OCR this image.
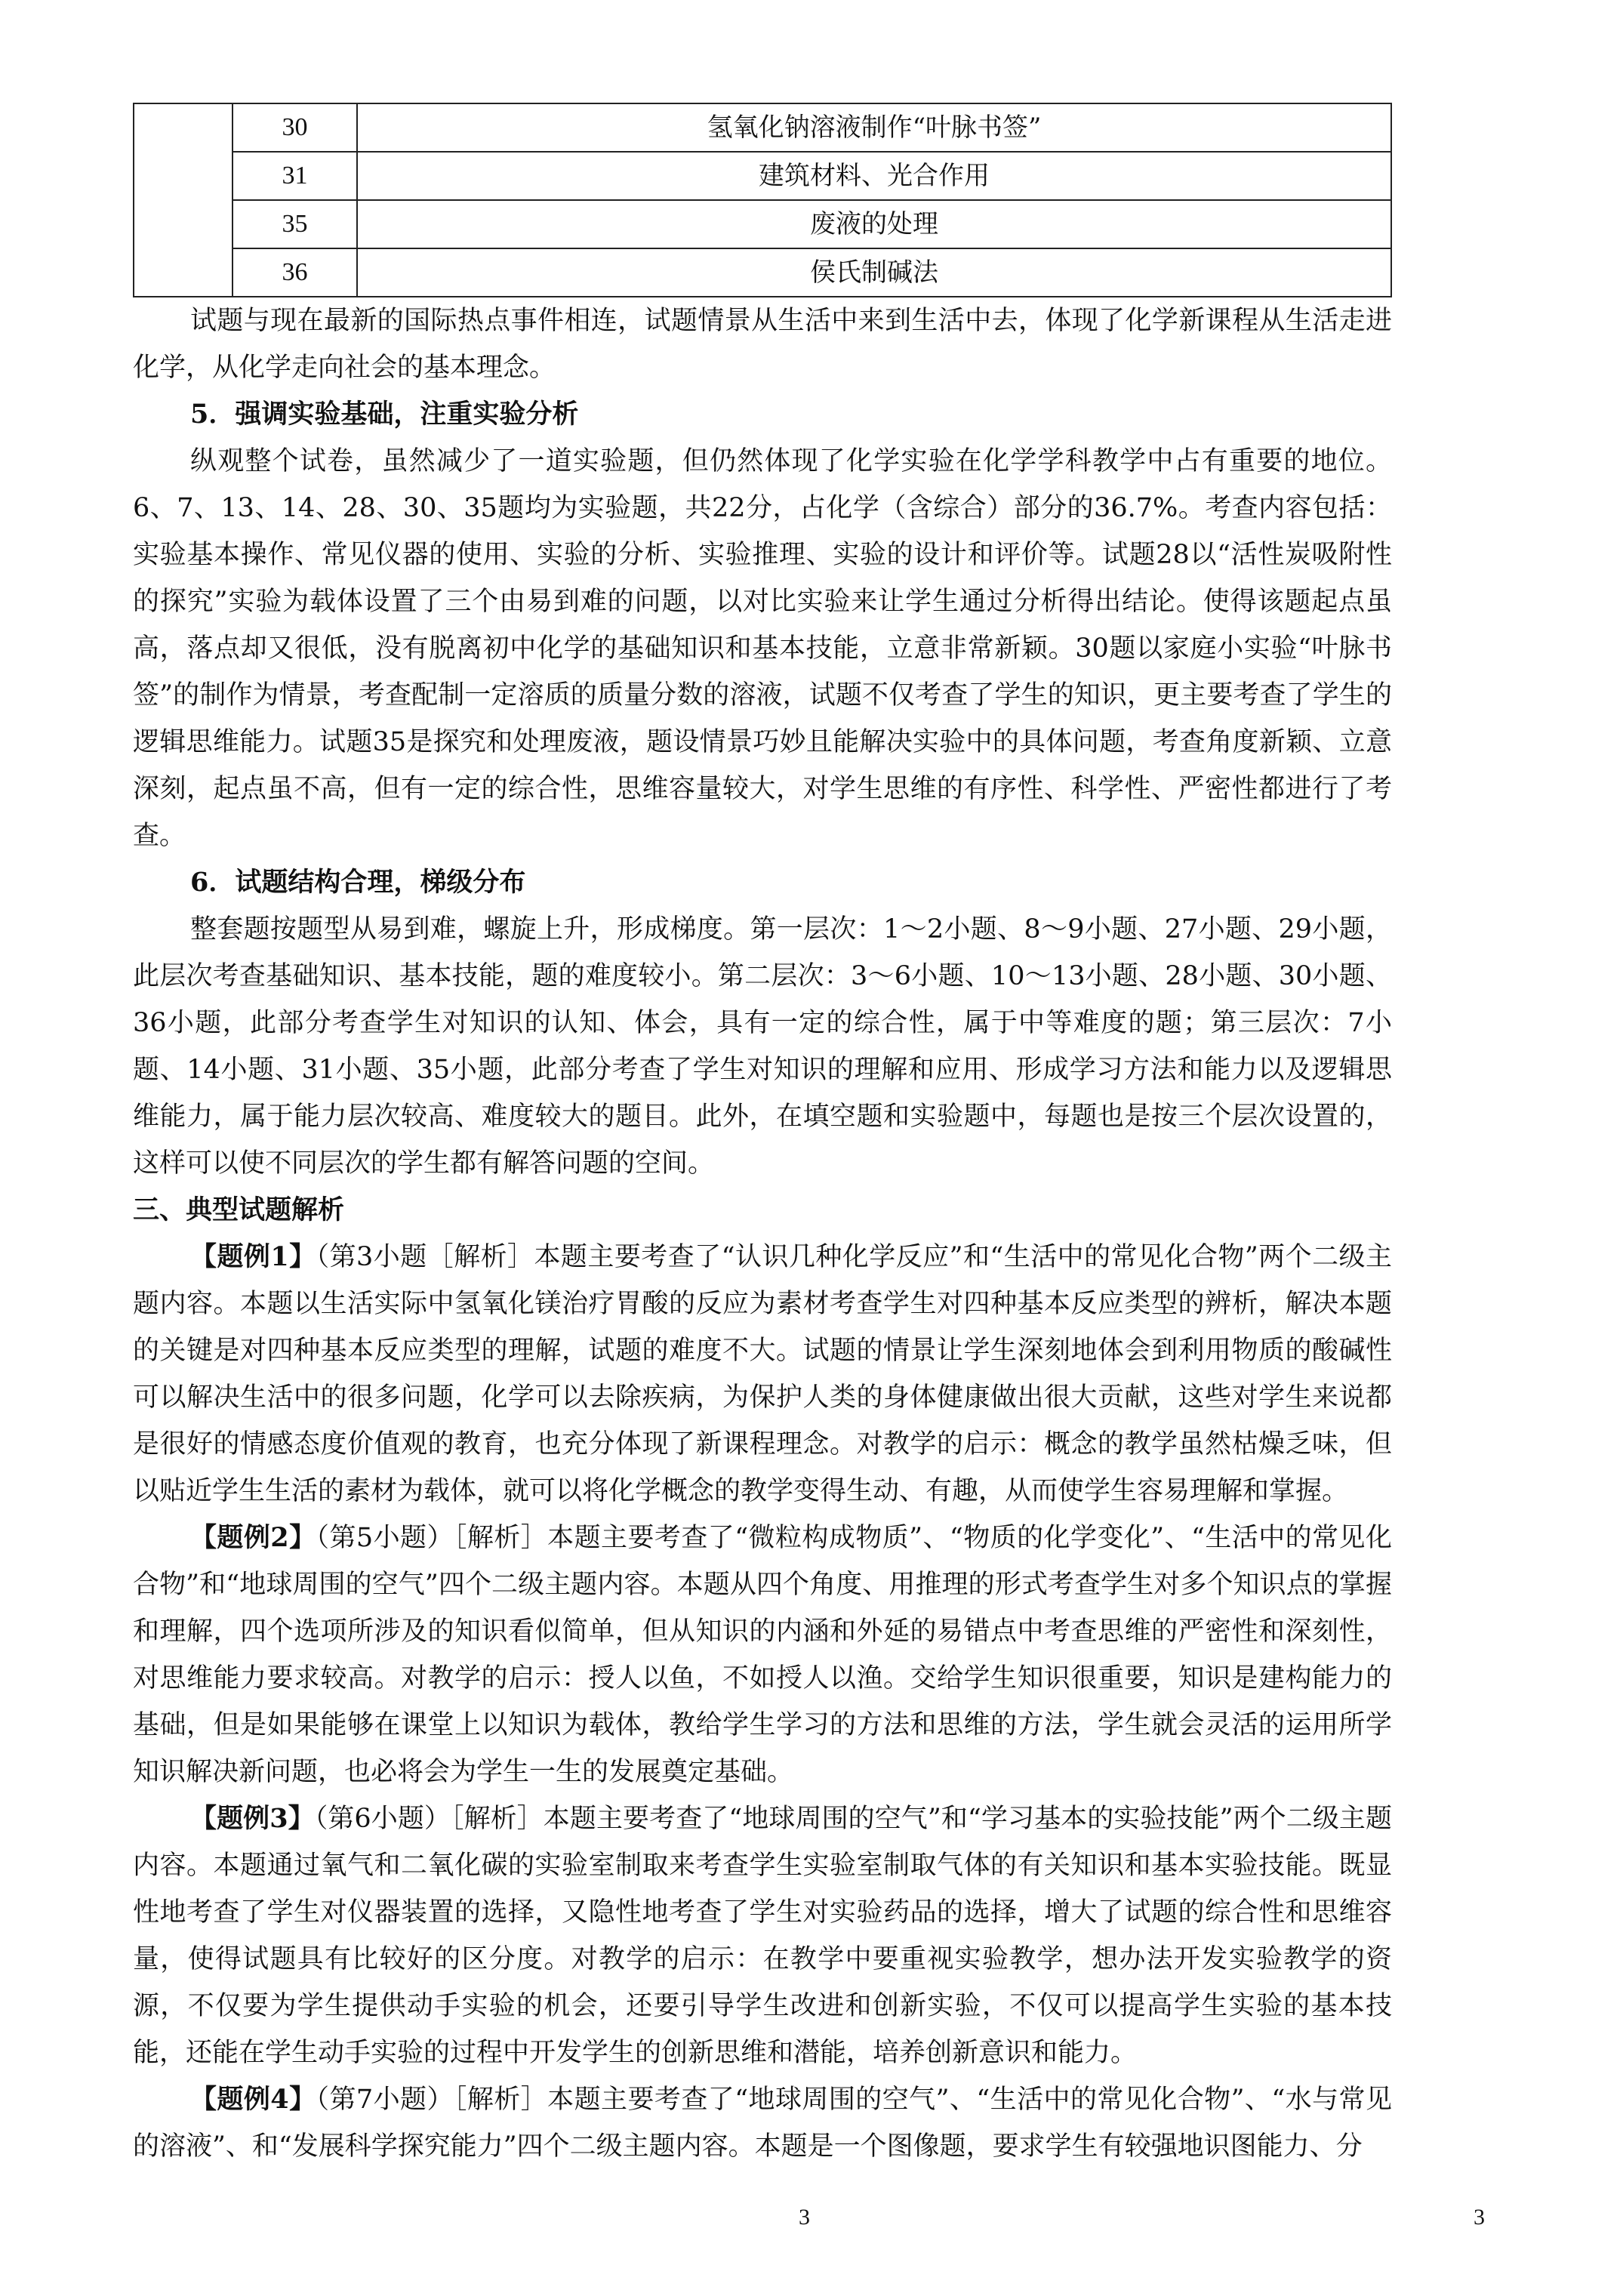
	30	氢氧化钠溶液制作“叶脉书签”
	31	建筑材料、光合作用
	35	废液的处理
	36	侯氏制碱法

试题与现在最新的国际热点事件相连，试题情景从生活中来到生活中去，体现了化学新课程从生活走进化学，从化学走向社会的基本理念。

5．强调实验基础，注重实验分析

纵观整个试卷，虽然减少了一道实验题，但仍然体现了化学实验在化学学科教学中占有重要的地位。6、7、13、14、28、30、35题均为实验题，共22分，占化学（含综合）部分的36.7%。考查内容包括：实验基本操作、常见仪器的使用、实验的分析、实验推理、实验的设计和评价等。试题28以“活性炭吸附性的探究”实验为载体设置了三个由易到难的问题，以对比实验来让学生通过分析得出结论。使得该题起点虽高，落点却又很低，没有脱离初中化学的基础知识和基本技能，立意非常新颖。30题以家庭小实验“叶脉书签”的制作为情景，考查配制一定溶质的质量分数的溶液，试题不仅考查了学生的知识，更主要考查了学生的逻辑思维能力。试题35是探究和处理废液，题设情景巧妙且能解决实验中的具体问题，考查角度新颖、立意深刻，起点虽不高，但有一定的综合性，思维容量较大，对学生思维的有序性、科学性、严密性都进行了考查。

6．试题结构合理，梯级分布

整套题按题型从易到难，螺旋上升，形成梯度。第一层次：1～2小题、8～9小题、27小题、29小题，此层次考查基础知识、基本技能，题的难度较小。第二层次：3～6小题、10～13小题、28小题、30小题、36小题，此部分考查学生对知识的认知、体会，具有一定的综合性，属于中等难度的题；第三层次：7小题、14小题、31小题、35小题，此部分考查了学生对知识的理解和应用、形成学习方法和能力以及逻辑思维能力，属于能力层次较高、难度较大的题目。此外，在填空题和实验题中，每题也是按三个层次设置的，这样可以使不同层次的学生都有解答问题的空间。

三、典型试题解析

【题例1】（第3小题［解析］本题主要考查了“认识几种化学反应”和“生活中的常见化合物”两个二级主题内容。本题以生活实际中氢氧化镁治疗胃酸的反应为素材考查学生对四种基本反应类型的辨析，解决本题的关键是对四种基本反应类型的理解，试题的难度不大。试题的情景让学生深刻地体会到利用物质的酸碱性可以解决生活中的很多问题，化学可以去除疾病，为保护人类的身体健康做出很大贡献，这些对学生来说都是很好的情感态度价值观的教育，也充分体现了新课程理念。对教学的启示：概念的教学虽然枯燥乏味，但以贴近学生生活的素材为载体，就可以将化学概念的教学变得生动、有趣，从而使学生容易理解和掌握。

【题例2】（第5小题）［解析］本题主要考查了“微粒构成物质”、“物质的化学变化”、“生活中的常见化合物”和“地球周围的空气”四个二级主题内容。本题从四个角度、用推理的形式考查学生对多个知识点的掌握和理解，四个选项所涉及的知识看似简单，但从知识的内涵和外延的易错点中考查思维的严密性和深刻性，对思维能力要求较高。对教学的启示：授人以鱼，不如授人以渔。交给学生知识很重要，知识是建构能力的基础，但是如果能够在课堂上以知识为载体，教给学生学习的方法和思维的方法，学生就会灵活的运用所学知识解决新问题，也必将会为学生一生的发展奠定基础。

【题例3】（第6小题）［解析］本题主要考查了“地球周围的空气”和“学习基本的实验技能”两个二级主题内容。本题通过氧气和二氧化碳的实验室制取来考查学生实验室制取气体的有关知识和基本实验技能。既显性地考查了学生对仪器装置的选择，又隐性地考查了学生对实验药品的选择，增大了试题的综合性和思维容量，使得试题具有比较好的区分度。对教学的启示：在教学中要重视实验教学，想办法开发实验教学的资源，不仅要为学生提供动手实验的机会，还要引导学生改进和创新实验，不仅可以提高学生实验的基本技能，还能在学生动手实验的过程中开发学生的创新思维和潜能，培养创新意识和能力。

【题例4】（第7小题）［解析］本题主要考查了“地球周围的空气”、“生活中的常见化合物”、“水与常见的溶液”、和“发展科学探究能力”四个二级主题内容。本题是一个图像题，要求学生有较强地识图能力、分

3	3
